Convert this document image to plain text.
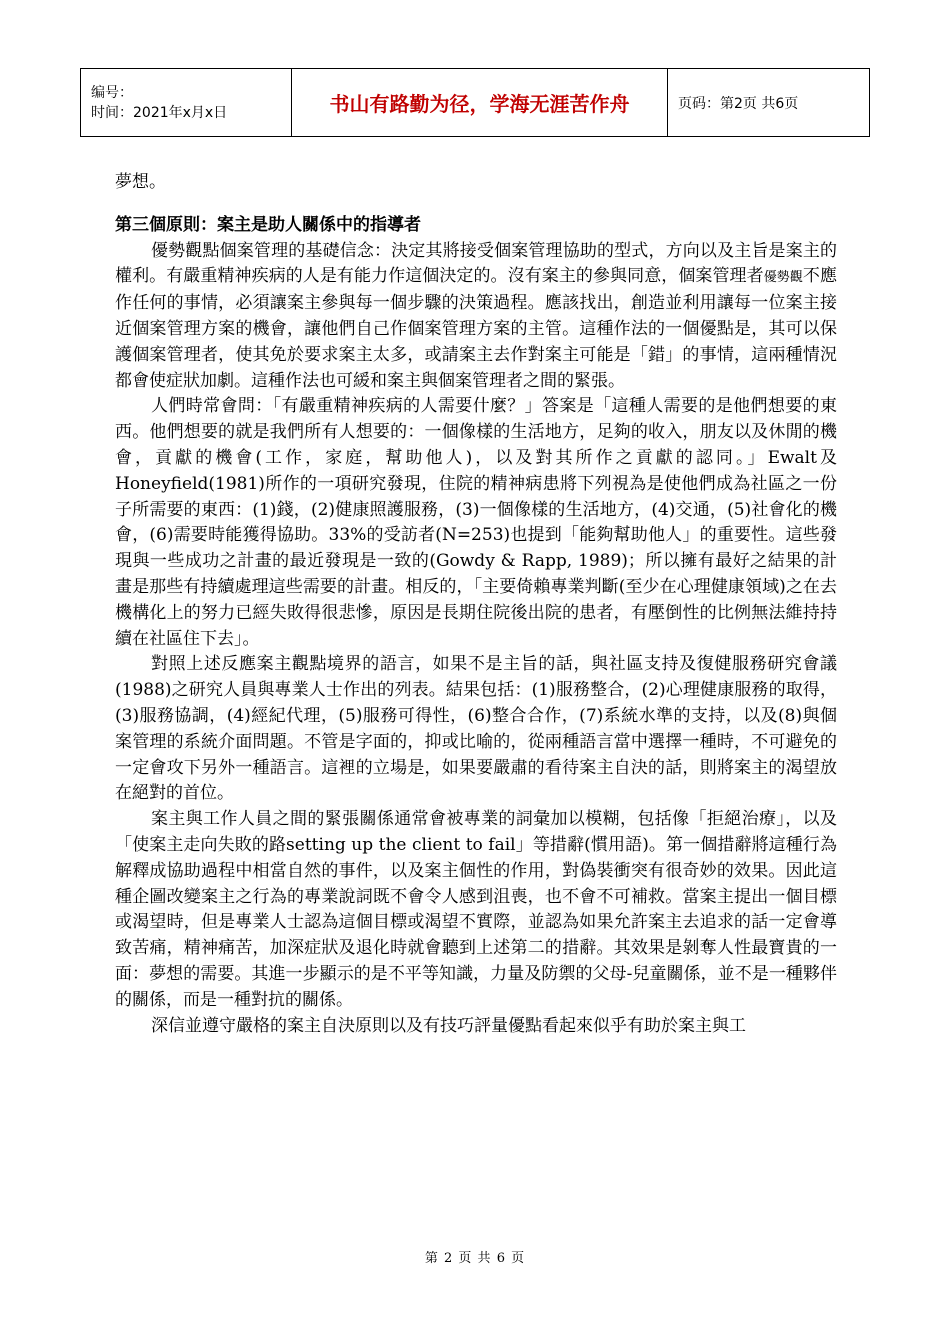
编号：
时间：2021年x月x日	书山有路勤为径，学海无涯苦作舟	页码：第2页 共6页

夢想。

第三個原則：案主是助人關係中的指導者

優勢觀點個案管理的基礎信念：決定其將接受個案管理協助的型式，方向以及主旨是案主的權利。有嚴重精神疾病的人是有能力作這個決定的。沒有案主的參與同意，個案管理者優勢觀不應作任何的事情，必須讓案主參與每一個步驟的決策過程。應該找出，創造並利用讓每一位案主接近個案管理方案的機會，讓他們自己作個案管理方案的主管。這種作法的一個優點是，其可以保護個案管理者，使其免於要求案主太多，或請案主去作對案主可能是「錯」的事情，這兩種情況都會使症狀加劇。這種作法也可緩和案主與個案管理者之間的緊張。

人們時常會問：「有嚴重精神疾病的人需要什麼？」答案是「這種人需要的是他們想要的東西。他們想要的就是我們所有人想要的：一個像樣的生活地方，足夠的收入，朋友以及休閒的機會，貢獻的機會(工作，家庭，幫助他人)，以及對其所作之貢獻的認同。」Ewalt及Honeyfield(1981)所作的一項研究發現，住院的精神病患將下列視為是使他們成為社區之一份子所需要的東西：(1)錢，(2)健康照護服務，(3)一個像樣的生活地方，(4)交通，(5)社會化的機會，(6)需要時能獲得協助。33%的受訪者(N=253)也提到「能夠幫助他人」的重要性。這些發現與一些成功之計畫的最近發現是一致的(Gowdy & Rapp, 1989)；所以擁有最好之結果的計畫是那些有持續處理這些需要的計畫。相反的，「主要倚賴專業判斷(至少在心理健康領域)之在去機構化上的努力已經失敗得很悲慘，原因是長期住院後出院的患者，有壓倒性的比例無法維持持續在社區住下去」。

對照上述反應案主觀點境界的語言，如果不是主旨的話，與社區支持及復健服務研究會議(1988)之研究人員與專業人士作出的列表。結果包括：(1)服務整合，(2)心理健康服務的取得，(3)服務協調，(4)經紀代理，(5)服務可得性，(6)整合合作，(7)系統水準的支持，以及(8)與個案管理的系統介面問題。不管是字面的，抑或比喻的，從兩種語言當中選擇一種時，不可避免的一定會攻下另外一種語言。這裡的立場是，如果要嚴肅的看待案主自決的話，則將案主的渴望放在絕對的首位。

案主與工作人員之間的緊張關係通常會被專業的詞彙加以模糊，包括像「拒絕治療」，以及「使案主走向失敗的路setting up the client to fail」等措辭(慣用語)。第一個措辭將這種行為解釋成協助過程中相當自然的事件，以及案主個性的作用，對偽裝衝突有很奇妙的效果。因此這種企圖改變案主之行為的專業說詞既不會令人感到沮喪，也不會不可補救。當案主提出一個目標或渴望時，但是專業人士認為這個目標或渴望不實際，並認為如果允許案主去追求的話一定會導致苦痛，精神痛苦，加深症狀及退化時就會聽到上述第二的措辭。其效果是剝奪人性最寶貴的一面：夢想的需要。其進一步顯示的是不平等知識，力量及防禦的父母-兒童關係，並不是一種夥伴的關係，而是一種對抗的關係。

深信並遵守嚴格的案主自決原則以及有技巧評量優點看起來似乎有助於案主與工

第 2 页 共 6 页
